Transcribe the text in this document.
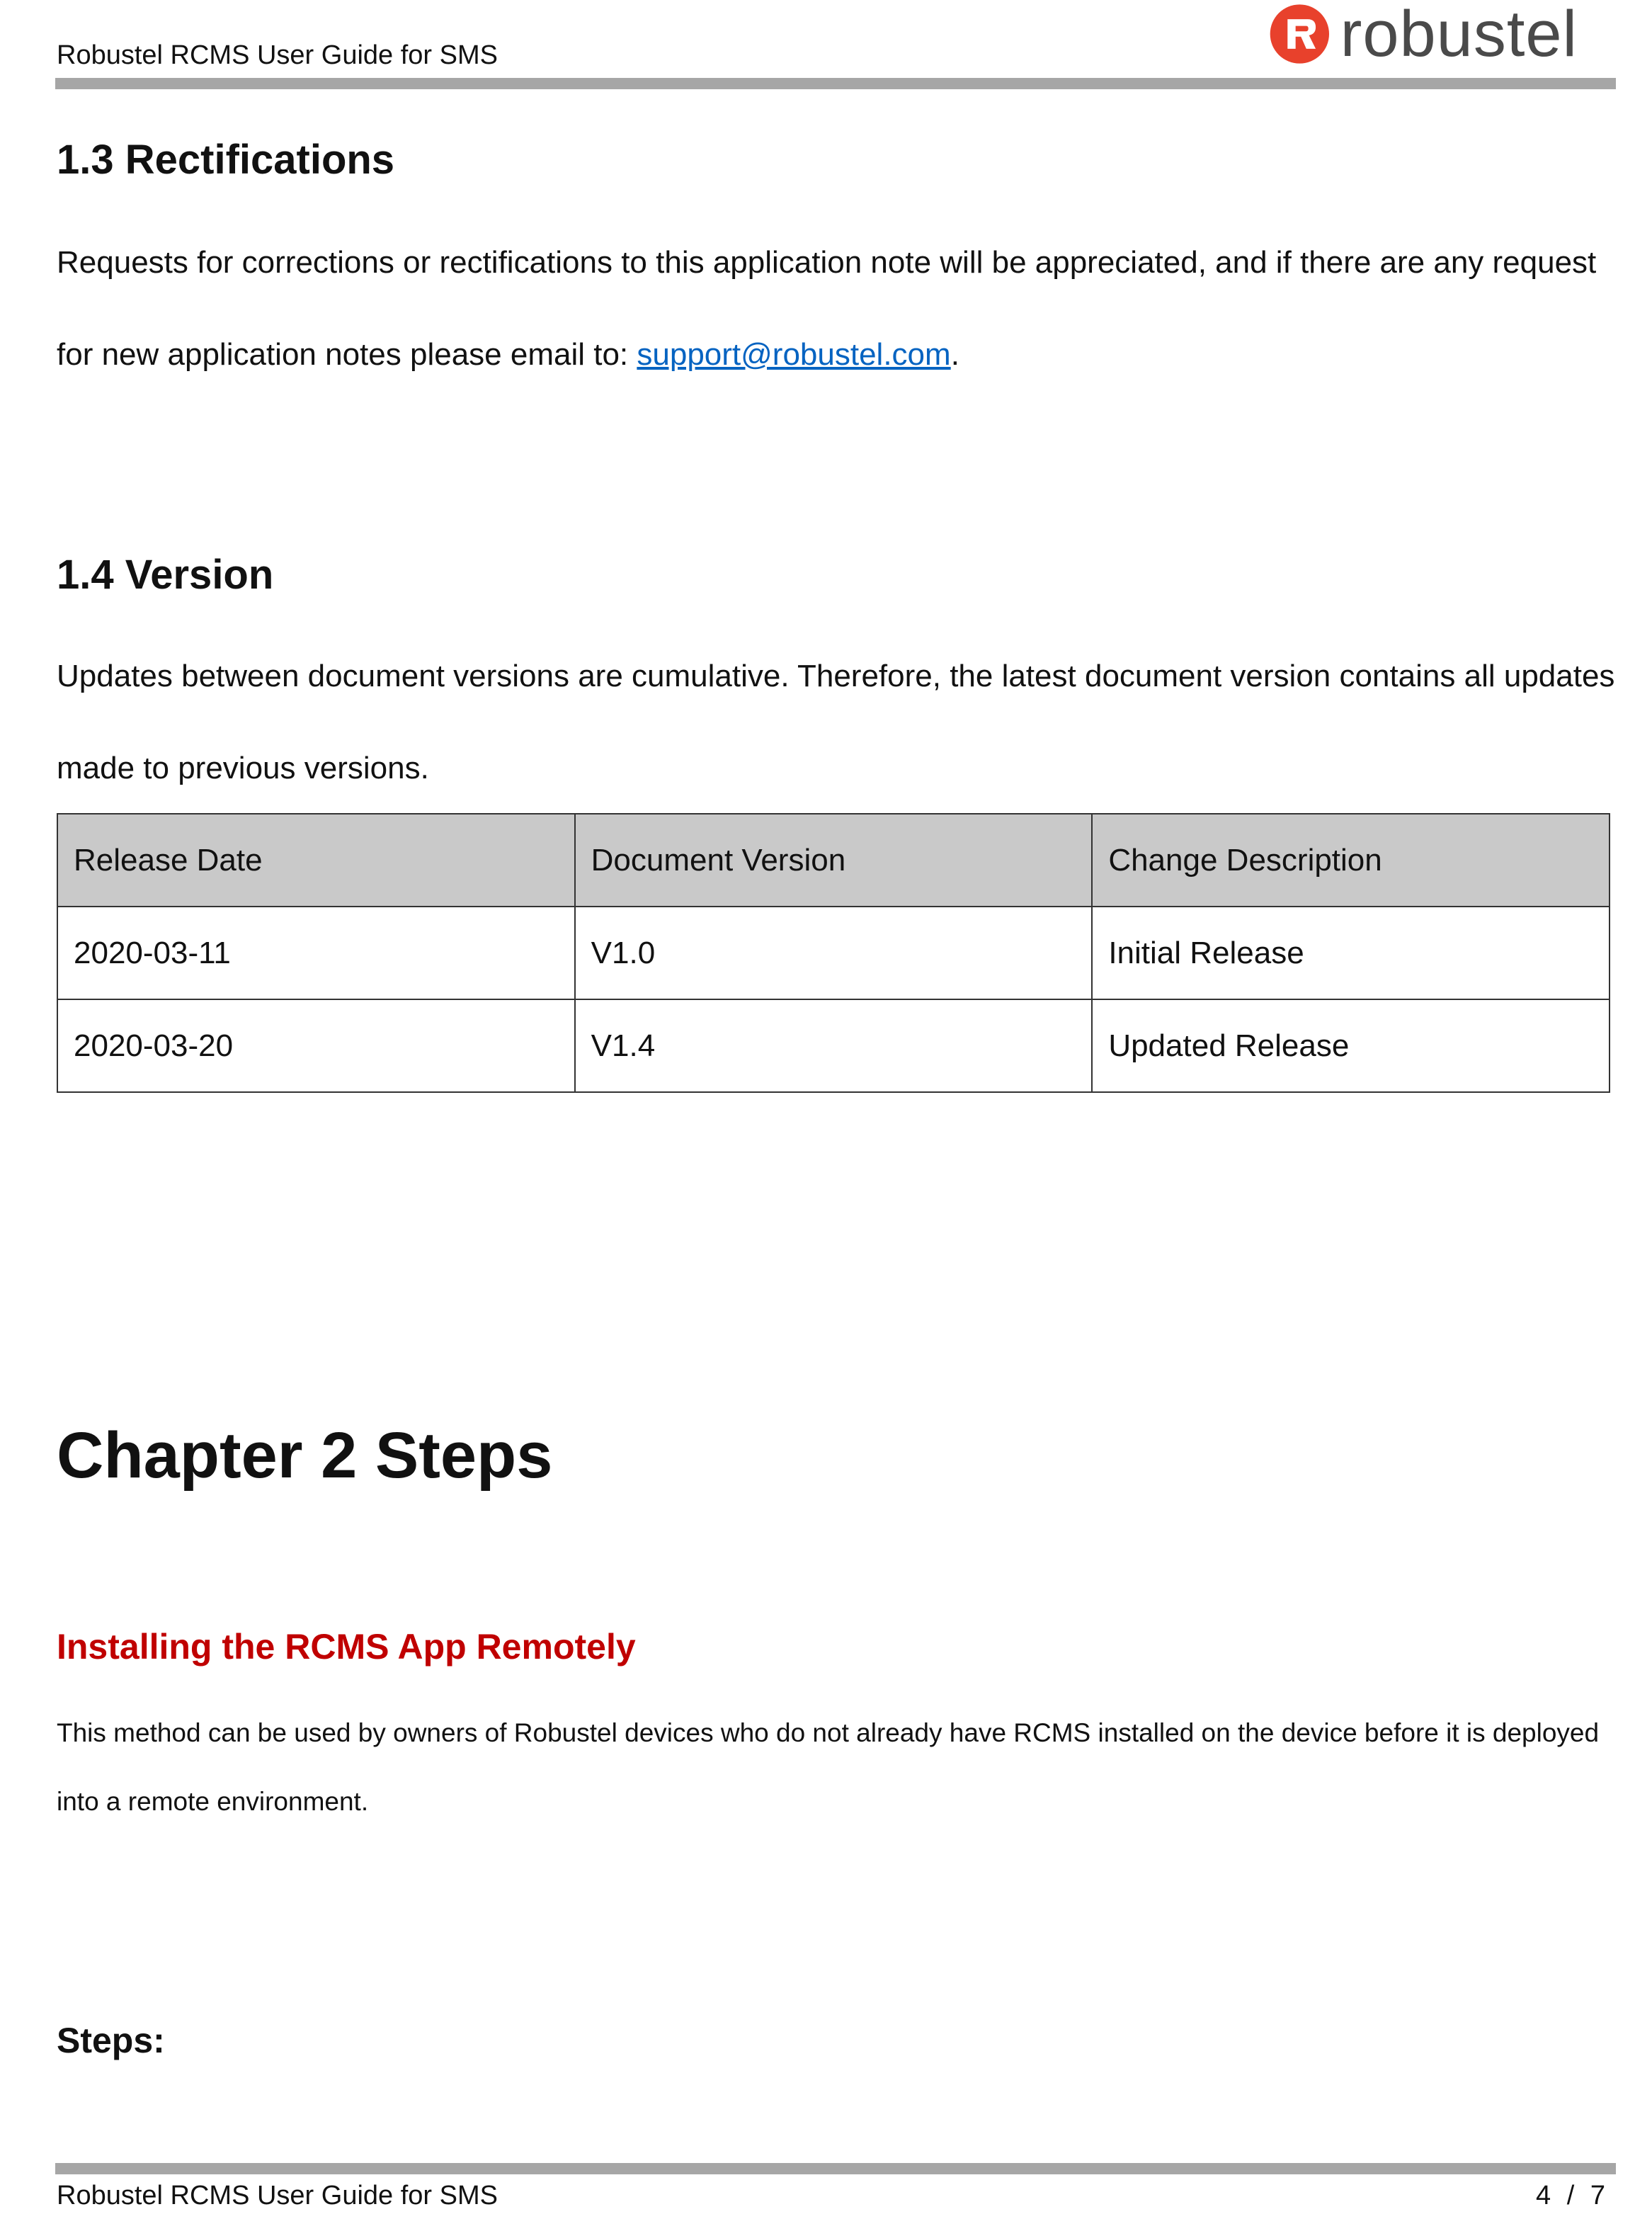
Robustel RCMS User Guide for SMS	robustel
1.3 Rectifications
Requests for corrections or rectifications to this application note will be appreciated, and if there are any request for new application notes please email to: support@robustel.com.
1.4 Version
Updates between document versions are cumulative. Therefore, the latest document version contains all updates made to previous versions.
Release Date	Document Version	Change Description
2020-03-11	V1.0	Initial Release
2020-03-20	V1.4	Updated Release
Chapter 2 Steps
Installing the RCMS App Remotely
This method can be used by owners of Robustel devices who do not already have RCMS installed on the device before it is deployed into a remote environment.
Steps:
Robustel RCMS User Guide for SMS	4 / 7
